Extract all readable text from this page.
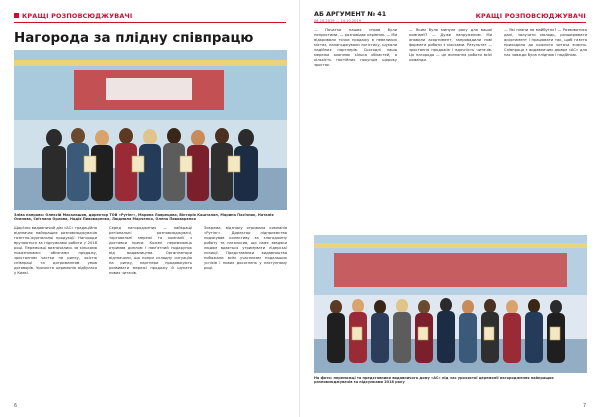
КРАЩІ РОЗПОВСЮДЖУВАЧІ
Нагорода за плідну співпрацю
Зліва направо: Олексій Масалашов, директор ТОВ «Рутінг», Марина Лаврецова, Вікторія Кашталап, Марина Пасічник, Наталія Осипова, Світлана Орлова, Надія Пивоваренко, Людмила Марченко, Олена Пивоваренко

Щорічно видавничий дім «АС» традиційно відзначає найкращих розповсюджувачів газетно-журнальної продукції. Нагороди вручаються за підсумками роботи у 2018 році. Переможці визначались за кількома показниками: обсягами продажу, зростанням частки на ринку, якістю співпраці та дотриманням умов договорів. Урочиста церемонія відбулася у Києві.

Серед нагороджених — найкращі регіональні розповсюджувачі, торговельні мережі та компанії з доставки преси. Кожен переможець отримав диплом і пам’ятний подарунок від видавництва. Організатори відзначили, що попри складну ситуацію на ринку, партнери продовжують розвивати мережі продажу й шукати нових читачів.

Зокрема, відзнаку отримала компанія «Рутінг». Директор підприємства подякував колективу за злагоджену роботу та наголосив, що саме завдяки людям вдається утримувати лідерські позиції. Представники видавництва побажали всім учасникам подальших успіхів і нових досягнень у наступному році.

6
АБ АРГУМЕНТ № 41
08.10.2019 — 14.10.2019
КРАЩІ РОЗПОВСЮДЖУВАЧІ

— Початки наших справ були непростими, — розповідає керівник. — Ми відкривали точки продажу в невеликих містах, налагоджували логістику, шукали надійних партнерів. Сьогодні наша мережа охоплює кілька областей, а кількість постійних покупців щороку зростає.

— Яким було минуле року для вашої компанії? — Дуже напруженим. Ми оновили асортимент, запровадили нові формати роботи з кіосками. Результат — зростання продажів і вдячність читачів. Ця нагорода — це визнання роботи всієї команди.

— Які плани на майбутнє? — Розвиватися далі, залучати молодь, розширювати асортимент і працювати так, щоб газета приходила до кожного читача вчасно. Співпраця з видавничим домом «АС» для нас завжди була плідною і надійною.

На фото: переможці та представники видавничого дому «АС» під час урочистої церемонії нагородження найкращих розповсюджувачів за підсумками 2018 року
7
